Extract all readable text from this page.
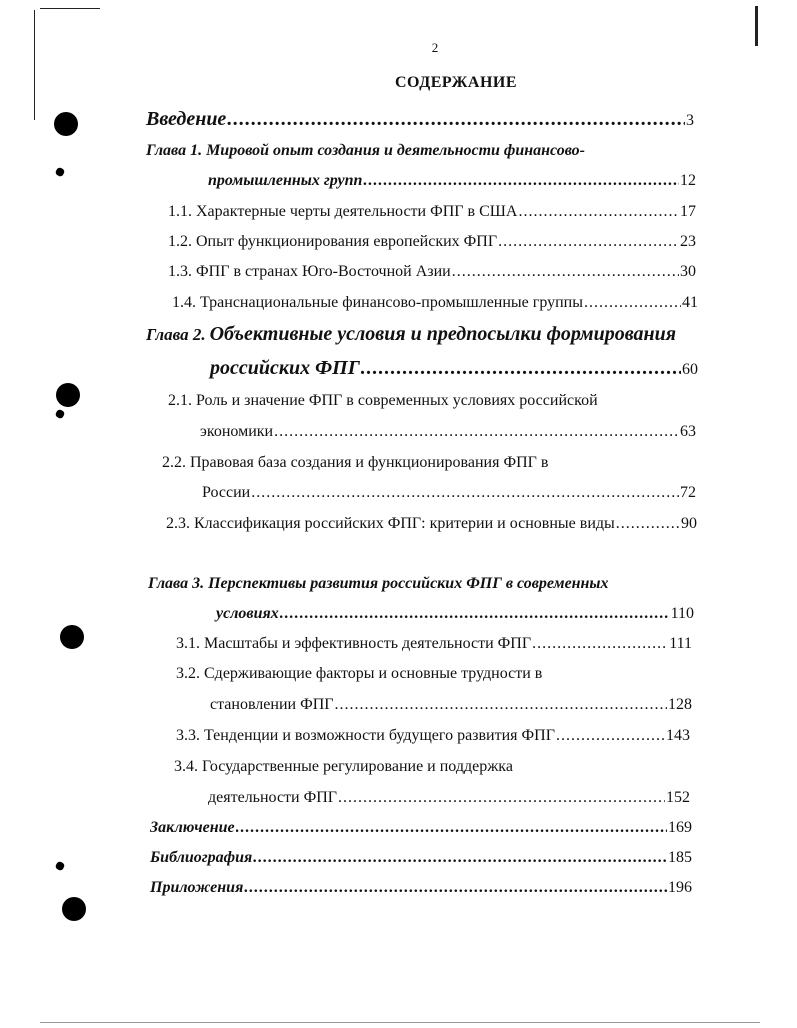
2
СОДЕРЖАНИЕ
Введение .....	3
Глава 1. Мировой опыт создания и деятельности финансово-
промышленных групп .....	12
1.1. Характерные черты деятельности ФПГ в США .....	17
1.2. Опыт функционирования европейских ФПГ .....	23
1.3. ФПГ в странах Юго-Восточной Азии .....	30
1.4. Транснациональные финансово-промышленные группы .....	41
Глава 2. Объективные условия и предпосылки формирования
российских ФПГ .....	60
2.1. Роль и значение ФПГ в современных условиях российской
экономики .....	63
2.2. Правовая база создания и функционирования ФПГ в
России .....	72
2.3. Классификация российских ФПГ: критерии и основные виды .....	90
Глава 3. Перспективы развития российских ФПГ в современных
условиях .....	110
3.1. Масштабы и эффективность деятельности ФПГ .....	111
3.2. Сдерживающие факторы и основные трудности в
становлении ФПГ .....	128
3.3. Тенденции и возможности будущего развития ФПГ .....	143
3.4. Государственные регулирование и поддержка
деятельности ФПГ .....	152
Заключение .....	169
Библиография .....	185
Приложения .....	196
